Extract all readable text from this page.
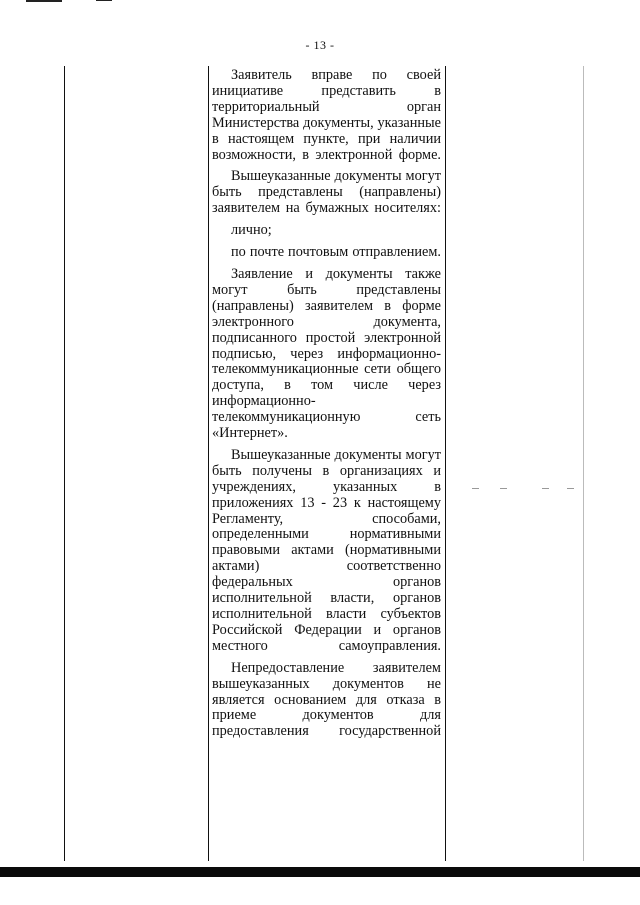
- 13 -

Заявитель вправе по своей инициативе представить в территориальный орган Министерства документы, указанные в настоящем пункте, при наличии возможности, в электронной форме.

Вышеуказанные документы могут быть представлены (направлены) заявителем на бумажных носителях:

лично;

по почте почтовым отправлением.

Заявление и документы также могут быть представлены (направлены) заявителем в форме электронного документа, подписанного простой электронной подписью, через информационно- телекоммуникационные сети общего доступа, в том числе через информационно- телекоммуникационную сеть «Интернет».

Вышеуказанные документы могут быть получены в организациях и учреждениях,	указанных в приложениях 13 - 23 к настоящему Регламенту,	способами, определенными	нормативными правовыми актами (нормативными актами)	соответственно федеральных	органов исполнительной власти, органов исполнительной власти субъектов Российской Федерации и органов местного	самоуправления.

Непредоставление заявителем вышеуказанных документов не является основанием для отказа в приеме документов для предоставления государственной
